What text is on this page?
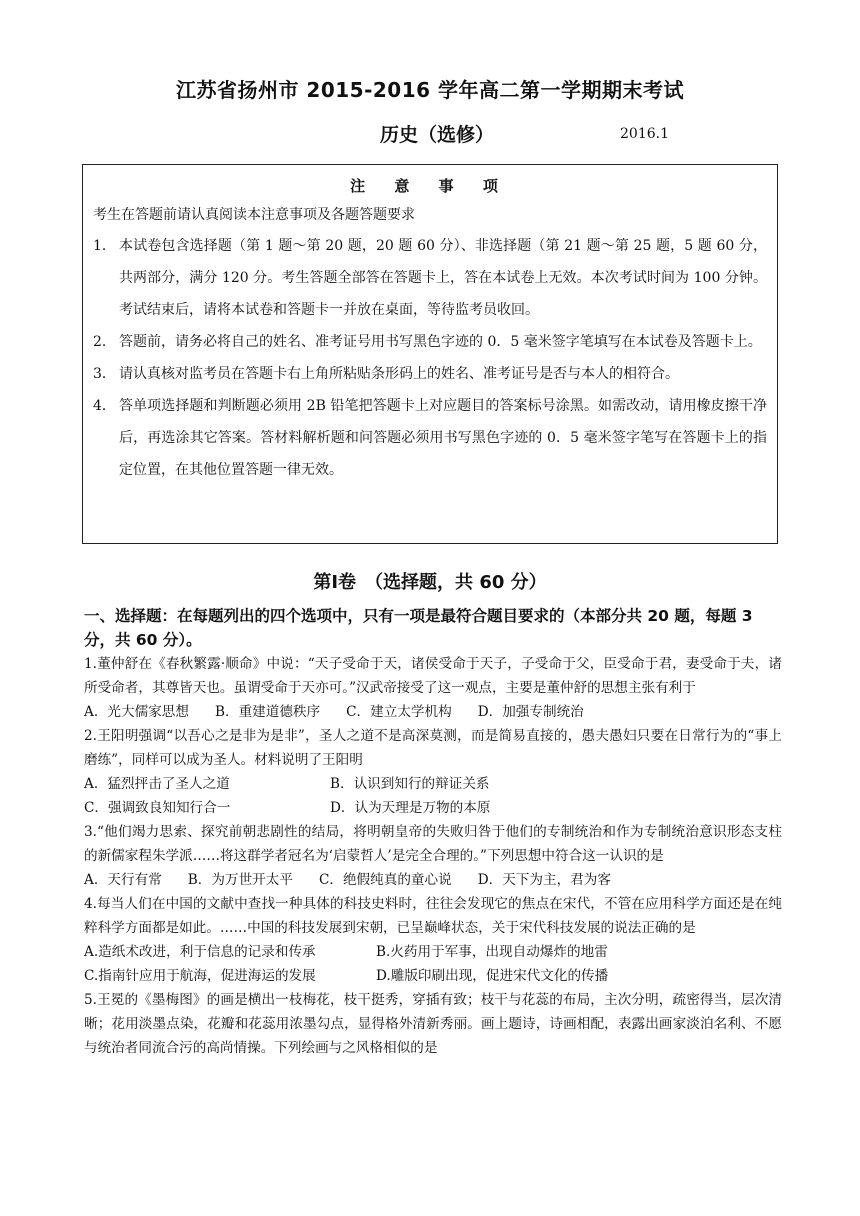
江苏省扬州市 2015-2016 学年高二第一学期期末考试
历史（选修）	2016.1

注 意 事 项

考生在答题前请认真阅读本注意事项及各题答题要求

1． 本试卷包含选择题（第 1 题～第 20 题，20 题 60 分）、非选择题（第 21 题～第 25 题，5 题 60 分，共两部分，满分 120 分。考生答题全部答在答题卡上，答在本试卷上无效。本次考试时间为 100 分钟。考试结束后，请将本试卷和答题卡一并放在桌面，等待监考员收回。
2． 答题前，请务必将自己的姓名、准考证号用书写黑色字迹的 0．5 毫米签字笔填写在本试卷及答题卡上。
3． 请认真核对监考员在答题卡右上角所粘贴条形码上的姓名、准考证号是否与本人的相符合。
4． 答单项选择题和判断题必须用 2B 铅笔把答题卡上对应题目的答案标号涂黑。如需改动，请用橡皮擦干净后，再选涂其它答案。答材料解析题和问答题必须用书写黑色字迹的 0．5 毫米签字笔写在答题卡上的指定位置，在其他位置答题一律无效。
第Ⅰ卷　（选择题，共 60 分）
一、选择题：在每题列出的四个选项中，只有一项是最符合题目要求的（本部分共 20 题，每题 3 分，共 60 分）。

1.董仲舒在《春秋繁露·顺命》中说：“天子受命于天，诸侯受命于天子，子受命于父，臣受命于君，妻受命于夫，诸所受命者，其尊皆天也。虽谓受命于天亦可。”汉武帝接受了这一观点，主要是董仲舒的思想主张有利于

A．光大儒家思想 B．重建道德秩序 C．建立太学机构 D．加强专制统治

2.王阳明强调“以吾心之是非为是非”，圣人之道不是高深莫测，而是简易直接的，愚夫愚妇只要在日常行为的“事上磨练”，同样可以成为圣人。材料说明了王阳明

A．猛烈抨击了圣人之道	B．认识到知行的辩证关系
C．强调致良知知行合一	D．认为天理是万物的本原

3.“他们竭力思索、探究前朝悲剧性的结局，将明朝皇帝的失败归咎于他们的专制统治和作为专制统治意识形态支柱的新儒家程朱学派……将这群学者冠名为‘启蒙哲人’是完全合理的。”下列思想中符合这一认识的是

A．天行有常 B．为万世开太平 C．绝假纯真的童心说 D．天下为主，君为客

4.每当人们在中国的文献中查找一种具体的科技史料时，往往会发现它的焦点在宋代，不管在应用科学方面还是在纯粹科学方面都是如此。……中国的科技发展到宋朝，已呈巅峰状态，关于宋代科技发展的说法正确的是

A.造纸术改进，利于信息的记录和传承	B.火药用于军事，出现自动爆炸的地雷
C.指南针应用于航海，促进海运的发展	D.雕版印刷出现，促进宋代文化的传播

5.王冕的《墨梅图》的画是横出一枝梅花，枝干挺秀，穿插有致；枝干与花蕊的布局，主次分明，疏密得当，层次清晰；花用淡墨点染，花瓣和花蕊用浓墨勾点，显得格外清新秀丽。画上题诗，诗画相配，表露出画家淡泊名利、不愿与统治者同流合污的高尚情操。下列绘画与之风格相似的是
